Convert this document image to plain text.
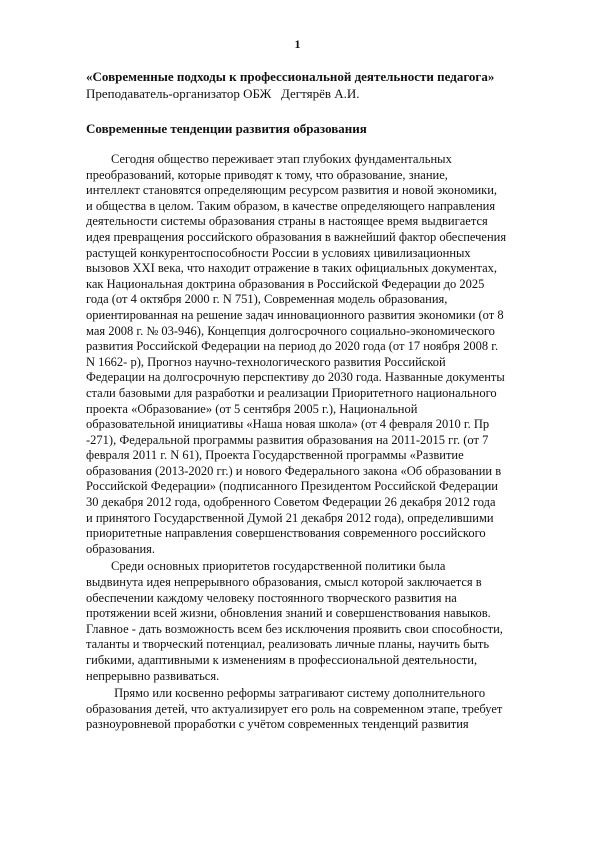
1
«Современные подходы к профессиональной деятельности педагога»
Преподаватель-организатор ОБЖ   Дегтярёв А.И.
Современные тенденции развития образования
Сегодня общество переживает этап глубоких фундаментальных
преобразований, которые приводят к тому, что образование, знание,
интеллект становятся определяющим ресурсом развития и новой экономики,
и общества в целом. Таким образом, в качестве определяющего направления
деятельности системы образования страны в настоящее время выдвигается
идея превращения российского образования в важнейший фактор обеспечения
растущей конкурентоспособности России в условиях цивилизационных
вызовов XXI века, что находит отражение в таких официальных документах,
как Национальная доктрина образования в Российской Федерации до 2025
года (от 4 октября 2000 г. N 751), Современная модель образования,
ориентированная на решение задач инновационного развития экономики (от 8
мая 2008 г. № 03-946), Концепция долгосрочного социально-экономического
развития Российской Федерации на период до 2020 года (от 17 ноября 2008 г.
N 1662- р), Прогноз научно-технологического развития Российской
Федерации на долгосрочную перспективу до 2030 года. Названные документы
стали базовыми для разработки и реализации Приоритетного национального
проекта «Образование» (от 5 сентября 2005 г.), Национальной
образовательной инициативы «Наша новая школа» (от 4 февраля 2010 г. Пр
-271), Федеральной программы развития образования на 2011-2015 гг. (от 7
февраля 2011 г. N 61), Проекта Государственной программы «Развитие
образования (2013-2020 гг.) и нового Федерального закона «Об образовании в
Российской Федерации» (подписанного Президентом Российской Федерации
30 декабря 2012 года, одобренного Советом Федерации 26 декабря 2012 года
и принятого Государственной Думой 21 декабря 2012 года), определившими
приоритетные направления совершенствования современного российского
образования.
Среди основных приоритетов государственной политики была
выдвинута идея непрерывного образования, смысл которой заключается в
обеспечении каждому человеку постоянного творческого развития на
протяжении всей жизни, обновления знаний и совершенствования навыков.
Главное - дать возможность всем без исключения проявить свои способности,
таланты и творческий потенциал, реализовать личные планы, научить быть
гибкими, адаптивными к изменениям в профессиональной деятельности,
непрерывно развиваться.
Прямо или косвенно реформы затрагивают систему дополнительного
образования детей, что актуализирует его роль на современном этапе, требует
разноуровневой проработки с учётом современных тенденций развития
